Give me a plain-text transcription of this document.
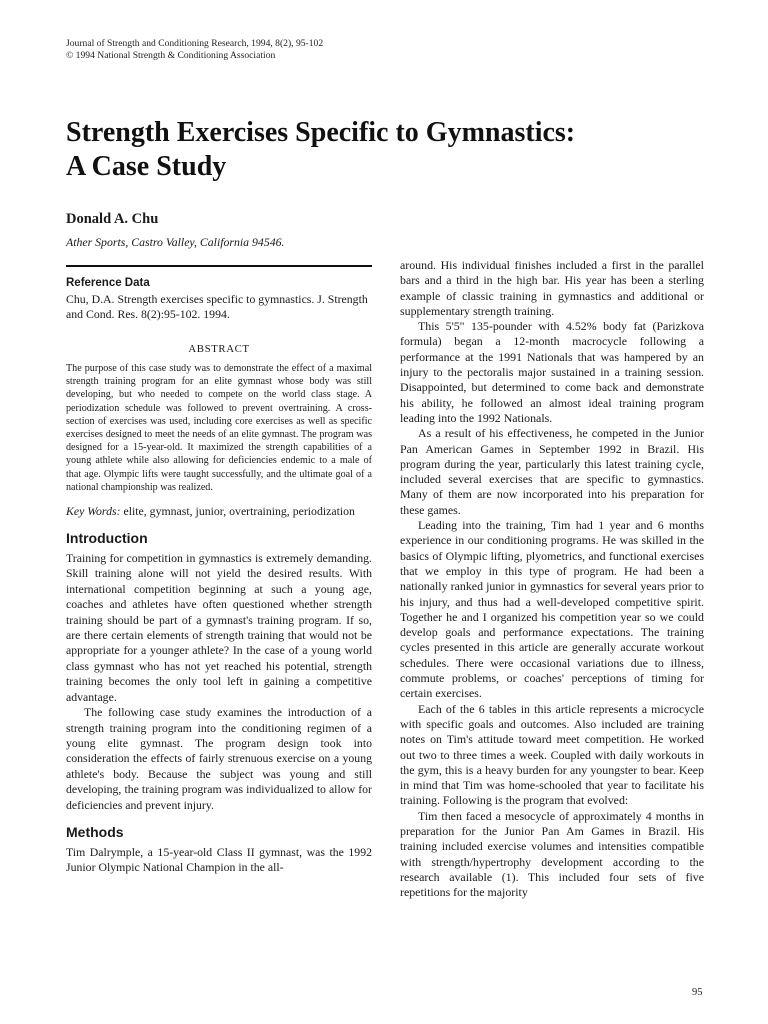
Journal of Strength and Conditioning Research, 1994, 8(2), 95-102
© 1994 National Strength & Conditioning Association
Strength Exercises Specific to Gymnastics:
A Case Study

Donald A. Chu

Ather Sports, Castro Valley, California 94546.

Reference Data

Chu, D.A. Strength exercises specific to gymnastics. J. Strength and Cond. Res. 8(2):95-102. 1994.

ABSTRACT

The purpose of this case study was to demonstrate the effect of a maximal strength training program for an elite gymnast whose body was still developing, but who needed to compete on the world class stage. A periodization schedule was followed to prevent overtraining. A cross-section of exercises was used, including core exercises as well as specific exercises designed to meet the needs of an elite gymnast. The program was designed for a 15-year-old. It maximized the strength capabilities of a young athlete while also allowing for deficiencies endemic to a male of that age. Olympic lifts were taught successfully, and the ultimate goal of a national championship was realized.

Key Words: elite, gymnast, junior, overtraining, periodization

Introduction

Training for competition in gymnastics is extremely demanding. Skill training alone will not yield the desired results. With international competition beginning at such a young age, coaches and athletes have often questioned whether strength training should be part of a gymnast's training program. If so, are there certain elements of strength training that would not be appropriate for a younger athlete? In the case of a young world class gymnast who has not yet reached his potential, strength training becomes the only tool left in gaining a competitive advantage.

The following case study examines the introduction of a strength training program into the conditioning regimen of a young elite gymnast. The program design took into consideration the effects of fairly strenuous exercise on a young athlete's body. Because the subject was young and still developing, the training program was individualized to allow for deficiencies and prevent injury.

Methods

Tim Dalrymple, a 15-year-old Class II gymnast, was the 1992 Junior Olympic National Champion in the all-

around. His individual finishes included a first in the parallel bars and a third in the high bar. His year has been a sterling example of classic training in gymnastics and additional or supplementary strength training.

This 5'5" 135-pounder with 4.52% body fat (Parizkova formula) began a 12-month macrocycle following a performance at the 1991 Nationals that was hampered by an injury to the pectoralis major sustained in a training session. Disappointed, but determined to come back and demonstrate his ability, he followed an almost ideal training program leading into the 1992 Nationals.

As a result of his effectiveness, he competed in the Junior Pan American Games in September 1992 in Brazil. His program during the year, particularly this latest training cycle, included several exercises that are specific to gymnastics. Many of them are now incorporated into his preparation for these games.

Leading into the training, Tim had 1 year and 6 months experience in our conditioning programs. He was skilled in the basics of Olympic lifting, plyometrics, and functional exercises that we employ in this type of program. He had been a nationally ranked junior in gymnastics for several years prior to his injury, and thus had a well-developed competitive spirit. Together he and I organized his competition year so we could develop goals and performance expectations. The training cycles presented in this article are generally accurate workout schedules. There were occasional variations due to illness, commute problems, or coaches' perceptions of timing for certain exercises.

Each of the 6 tables in this article represents a microcycle with specific goals and outcomes. Also included are training notes on Tim's attitude toward meet competition. He worked out two to three times a week. Coupled with daily workouts in the gym, this is a heavy burden for any youngster to bear. Keep in mind that Tim was home-schooled that year to facilitate his training. Following is the program that evolved:

Tim then faced a mesocycle of approximately 4 months in preparation for the Junior Pan Am Games in Brazil. His training included exercise volumes and intensities compatible with strength/hypertrophy development according to the research available (1). This included four sets of five repetitions for the majority

95
